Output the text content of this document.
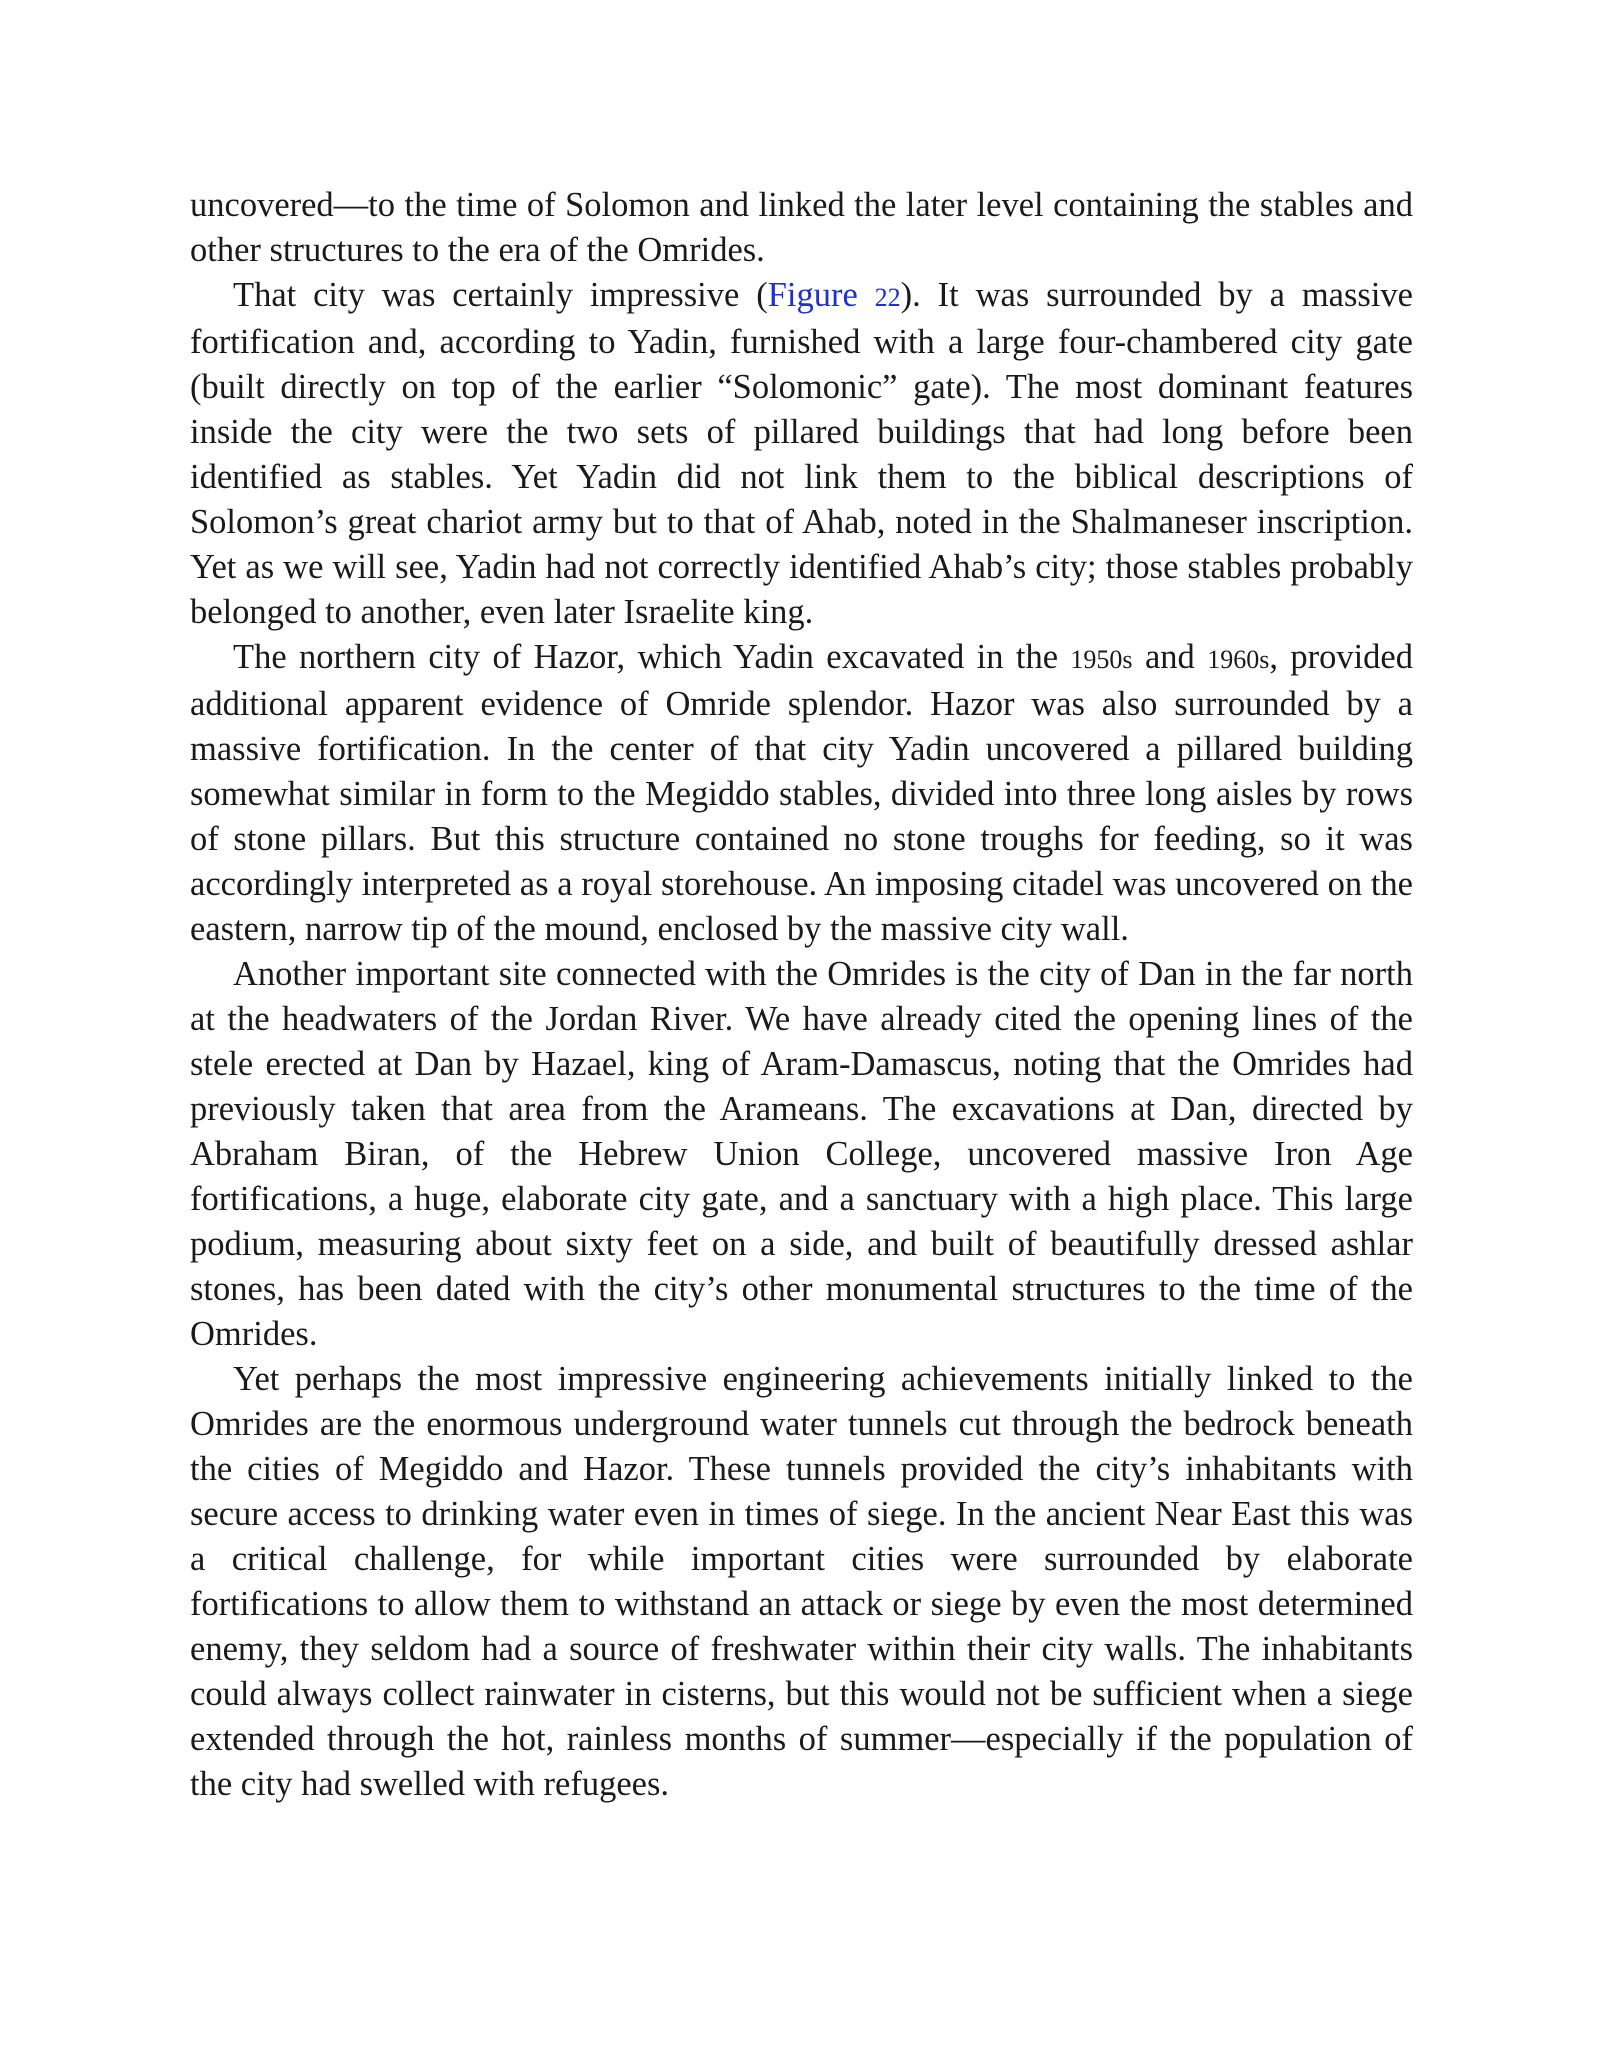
uncovered—to the time of Solomon and linked the later level containing the stables and other structures to the era of the Omrides.

That city was certainly impressive (Figure 22). It was surrounded by a massive fortification and, according to Yadin, furnished with a large four-chambered city gate (built directly on top of the earlier “Solomonic” gate). The most dominant features inside the city were the two sets of pillared buildings that had long before been identified as stables. Yet Yadin did not link them to the biblical descriptions of Solomon’s great chariot army but to that of Ahab, noted in the Shalmaneser inscription. Yet as we will see, Yadin had not correctly identified Ahab’s city; those stables probably belonged to another, even later Israelite king.

The northern city of Hazor, which Yadin excavated in the 1950s and 1960s, provided additional apparent evidence of Omride splendor. Hazor was also surrounded by a massive fortification. In the center of that city Yadin uncovered a pillared building somewhat similar in form to the Megiddo stables, divided into three long aisles by rows of stone pillars. But this structure contained no stone troughs for feeding, so it was accordingly interpreted as a royal storehouse. An imposing citadel was uncovered on the eastern, narrow tip of the mound, enclosed by the massive city wall.

Another important site connected with the Omrides is the city of Dan in the far north at the headwaters of the Jordan River. We have already cited the opening lines of the stele erected at Dan by Hazael, king of Aram-Damascus, noting that the Omrides had previously taken that area from the Arameans. The excavations at Dan, directed by Abraham Biran, of the Hebrew Union College, uncovered massive Iron Age fortifications, a huge, elaborate city gate, and a sanctuary with a high place. This large podium, measuring about sixty feet on a side, and built of beautifully dressed ashlar stones, has been dated with the city’s other monumental structures to the time of the Omrides.

Yet perhaps the most impressive engineering achievements initially linked to the Omrides are the enormous underground water tunnels cut through the bedrock beneath the cities of Megiddo and Hazor. These tunnels provided the city’s inhabitants with secure access to drinking water even in times of siege. In the ancient Near East this was a critical challenge, for while important cities were surrounded by elaborate fortifications to allow them to withstand an attack or siege by even the most determined enemy, they seldom had a source of freshwater within their city walls. The inhabitants could always collect rainwater in cisterns, but this would not be sufficient when a siege extended through the hot, rainless months of summer—especially if the population of the city had swelled with refugees.
